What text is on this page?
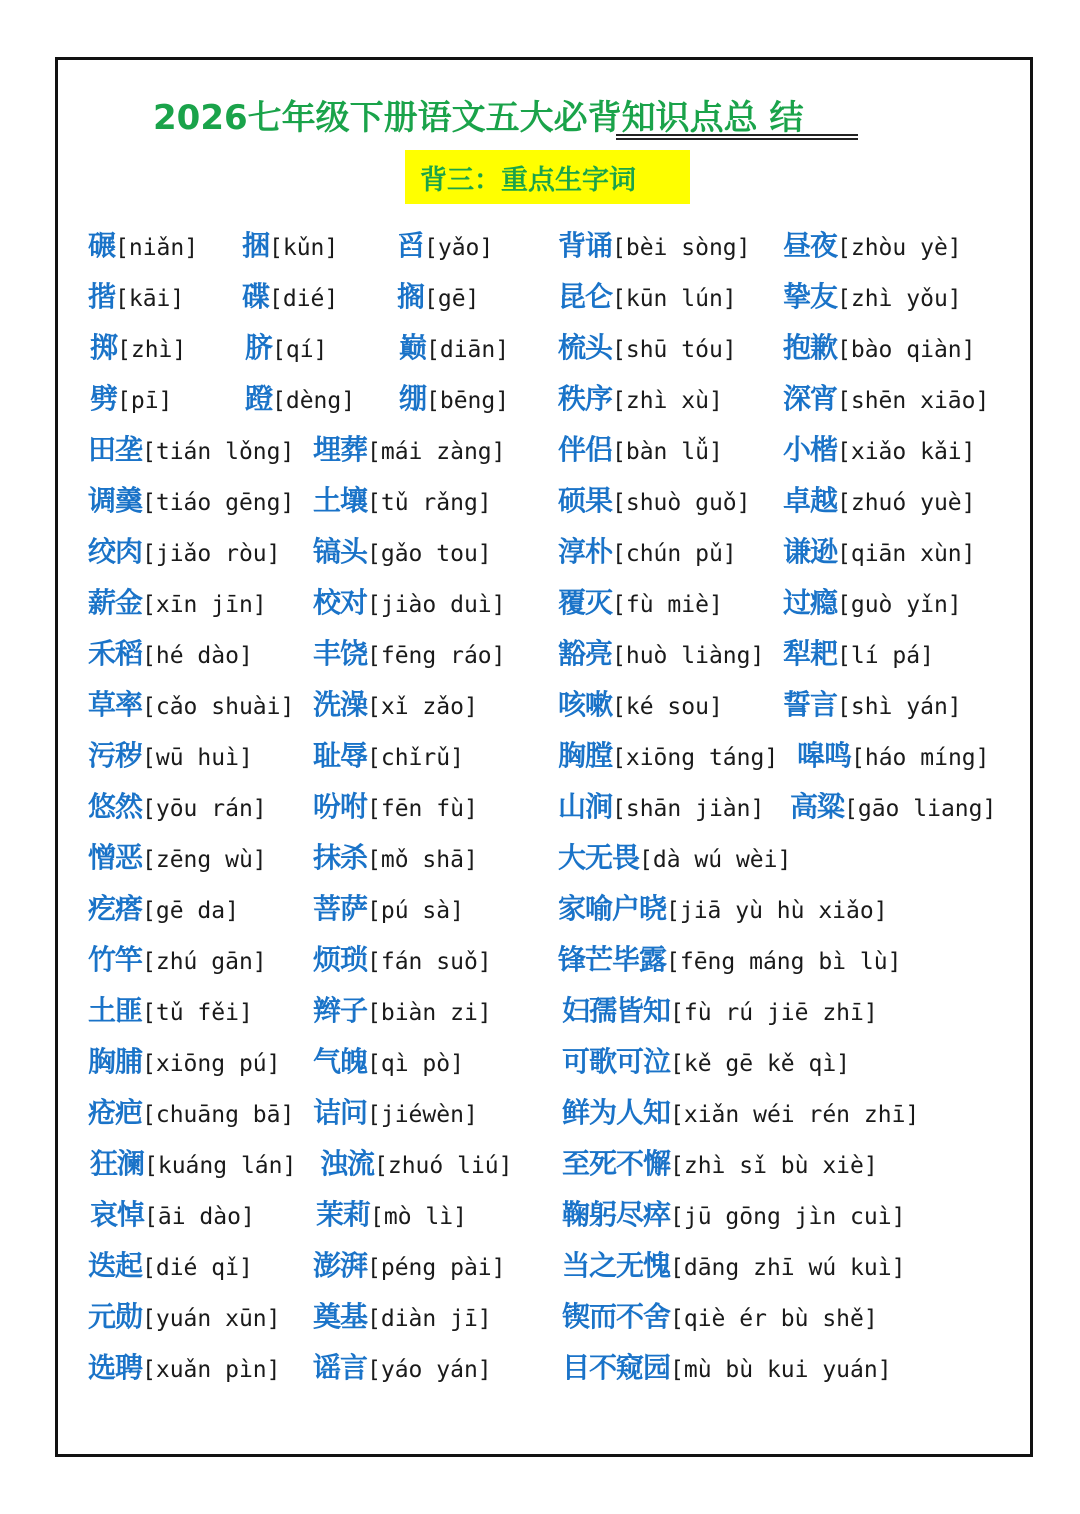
2026七年级下册语文五大必背知识点总 结
背三：重点生字词
碾[niǎn] 捆[kǔn] 舀[yǎo] 背诵[bèi sòng] 昼夜[zhòu yè]
揩[kāi] 碟[dié] 搁[gē]	昆仑[kūn lún] 挚友[zhì yǒu]
掷[zhì] 脐[qí]	巅[diān] 梳头[shū tóu] 抱歉[bào qiàn]
劈[pī]	蹬[dèng] 绷[bēng] 秩序[zhì xù] 深宵[shēn xiāo]
田垄[tián lǒng] 埋葬[mái zàng] 伴侣[bàn lǚ] 小楷[xiǎo kǎi]
调羹[tiáo gēng] 土壤[tǔ rǎng] 硕果[shuò guǒ] 卓越[zhuó yuè]
绞肉[jiǎo ròu] 镐头[gǎo tou] 淳朴[chún pǔ] 谦逊[qiān xùn]
薪金[xīn jīn] 校对[jiào duì] 覆灭[fù miè] 过瘾[guò yǐn]
禾稻[hé dào] 丰饶[fēng ráo] 豁亮[huò liàng] 犁耙[lí pá]
草率[cǎo shuài] 洗澡[xǐ zǎo]	咳嗽[ké sou] 誓言[shì yán]
污秽[wū huì] 耻辱[chǐrǔ]	胸膛[xiōng táng] 嗥鸣[háo míng]
悠然[yōu rán] 吩咐[fēn fù]	山涧[shān jiàn] 高粱[gāo liang]
憎恶[zēng wù] 抹杀[mǒ shā]	大无畏[dà wú wèi]
疙瘩[gē da]	菩萨[pú sà]	家喻户晓[jiā yù hù xiǎo]
竹竿[zhú gān] 烦琐[fán suǒ] 锋芒毕露[fēng máng bì lù]
土匪[tǔ fěi] 辫子[biàn zi]	妇孺皆知[fù rú jiē zhī]
胸脯[xiōng pú] 气魄[qì pò]	可歌可泣[kě gē kě qì]
疮疤[chuāng bā] 诘问[jiéwèn]	鲜为人知[xiǎn wéi rén zhī]
狂澜[kuáng lán] 浊流[zhuó liú] 至死不懈[zhì sǐ bù xiè]
哀悼[āi dào] 茉莉[mò lì]	鞠躬尽瘁[jū gōng jìn cuì]
迭起[dié qǐ] 澎湃[péng pài] 当之无愧[dāng zhī wú kuì]
元勋[yuán xūn] 奠基[diàn jī]	锲而不舍[qiè ér bù shě]
选聘[xuǎn pìn] 谣言[yáo yán]	目不窥园[mù bù kui yuán]
